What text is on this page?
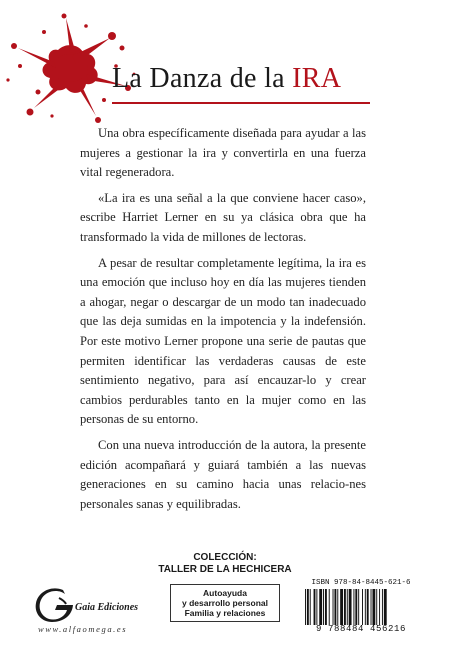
La Danza de la IRA

Una obra específicamente diseñada para ayudar a las mujeres a gestionar la ira y convertirla en una fuerza vital regeneradora.

«La ira es una señal a la que conviene hacer caso», escribe Harriet Lerner en su ya clásica obra que ha transformado la vida de millones de lectoras.

A pesar de resultar completamente legítima, la ira es una emoción que incluso hoy en día las mujeres tienden a ahogar, negar o descargar de un modo tan inadecuado que las deja sumidas en la impotencia y la indefensión. Por este motivo Lerner propone una serie de pautas que permiten identificar las verdaderas causas de este sentimiento negativo, para así encauzar-lo y crear cambios perdurables tanto en la mujer como en las personas de su entorno.

Con una nueva introducción de la autora, la presente edición acompañará y guiará también a las nuevas generaciones en su camino hacia unas relacio-nes personales sanas y equilibradas.

COLECCIÓN:
TALLER DE LA HECHICERA
Autoayuda
y desarrollo personal
Familia y relaciones
Gaia Ediciones
www.alfaomega.es
ISBN 978-84-8445-621-6
9 788484 456216
